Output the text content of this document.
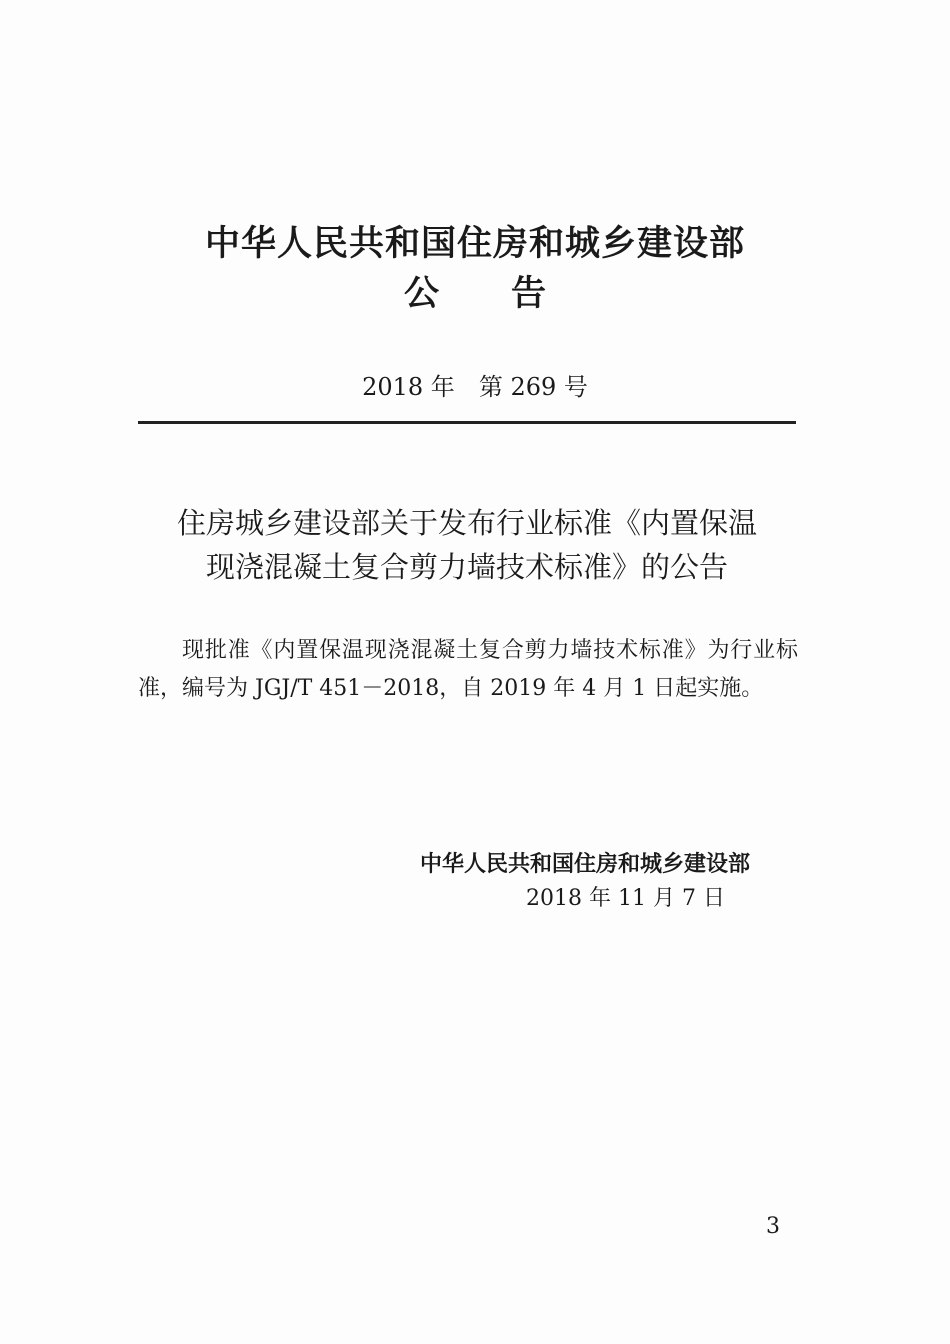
中华人民共和国住房和城乡建设部
公 告
2018 年 第 269 号
住房城乡建设部关于发布行业标准《内置保温
现浇混凝土复合剪力墙技术标准》的公告
现批准《内置保温现浇混凝土复合剪力墙技术标准》为行业标准，编号为 JGJ/T 451－2018，自 2019 年 4 月 1 日起实施。
中华人民共和国住房和城乡建设部
2018 年 11 月 7 日
3
